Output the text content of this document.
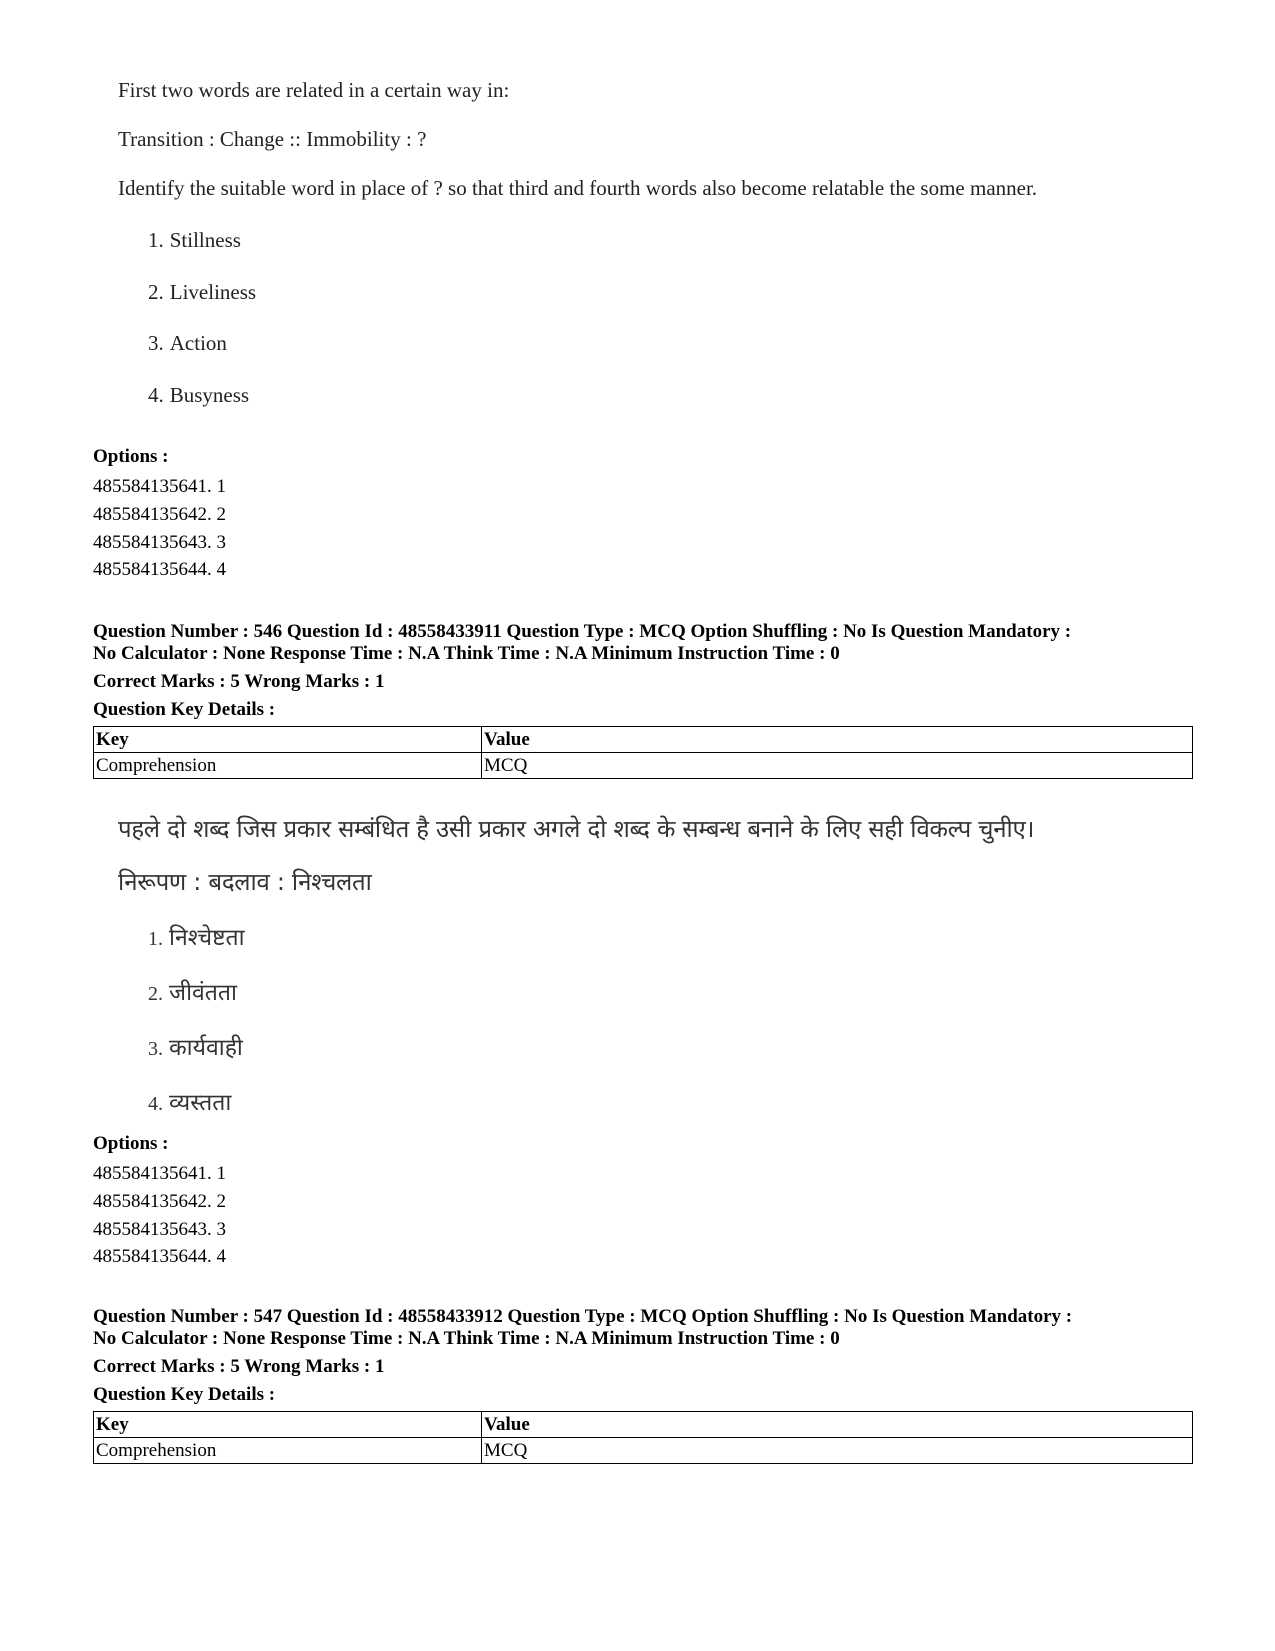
First two words are related in a certain way in:
Transition : Change :: Immobility : ?
Identify the suitable word in place of ? so that third and fourth words also become relatable the some manner.
1. Stillness
2. Liveliness
3. Action
4. Busyness
Options :
485584135641. 1
485584135642. 2
485584135643. 3
485584135644. 4
Question Number : 546 Question Id : 48558433911 Question Type : MCQ Option Shuffling : No Is Question Mandatory :
No Calculator : None Response Time : N.A Think Time : N.A Minimum Instruction Time : 0
Correct Marks : 5 Wrong Marks : 1
Question Key Details :
Key	Value
Comprehension	MCQ
पहले दो शब्द जिस प्रकार सम्बंधित है उसी प्रकार अगले दो शब्द के सम्बन्ध बनाने के लिए सही विकल्प चुनीए।
निरूपण : बदलाव : निश्चलता
1. निश्चेष्टता
2. जीवंतता
3. कार्यवाही
4. व्यस्तता
Options :
485584135641. 1
485584135642. 2
485584135643. 3
485584135644. 4
Question Number : 547 Question Id : 48558433912 Question Type : MCQ Option Shuffling : No Is Question Mandatory :
No Calculator : None Response Time : N.A Think Time : N.A Minimum Instruction Time : 0
Correct Marks : 5 Wrong Marks : 1
Question Key Details :
Key	Value
Comprehension	MCQ
